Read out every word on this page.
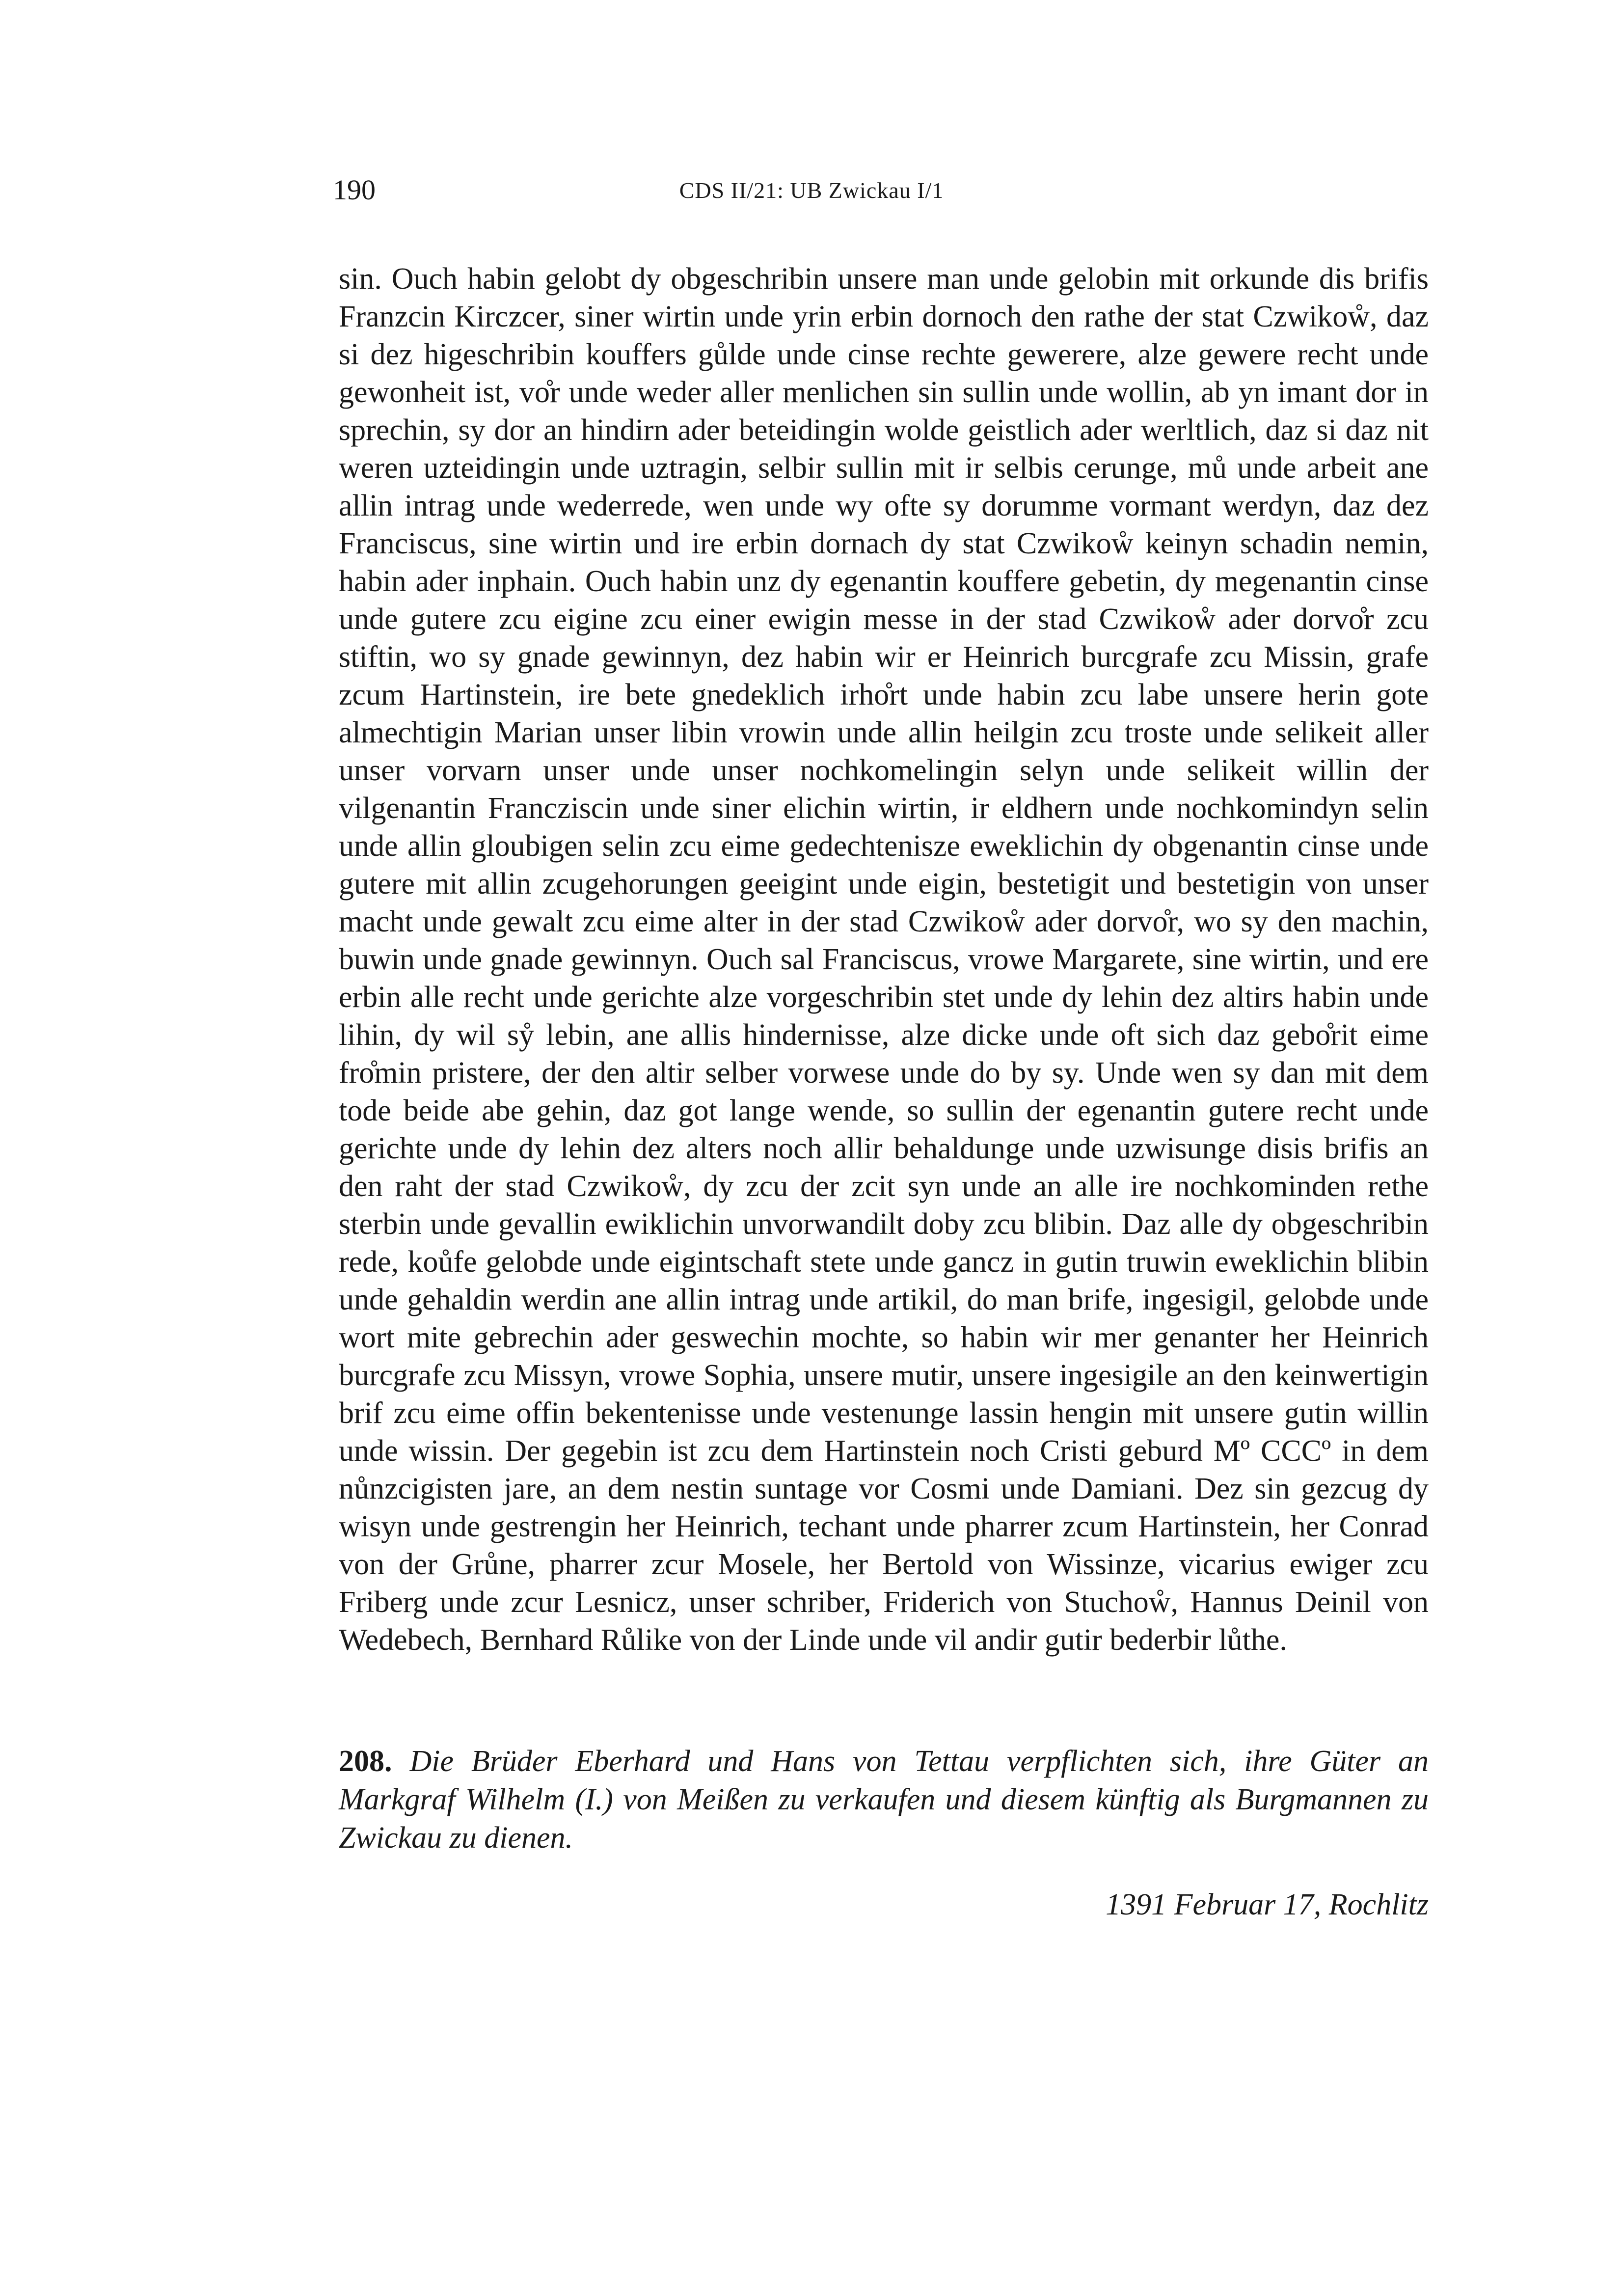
190	CDS II/21: UB Zwickau I/1

sin. Ouch habin gelobt dy obgeschribin unsere man unde gelobin mit orkunde dis brifis Franzcin Kirczcer, siner wirtin unde yrin erbin dornoch den rathe der stat Czwikoẘ, daz si dez higeschribin kouffers gůlde unde cinse rechte gewerere, alze gewere recht unde gewonheit ist, vo̊r unde weder aller menlichen sin sullin unde wollin, ab yn imant dor in sprechin, sy dor an hindirn ader beteidingin wolde geistlich ader werltlich, daz si daz nit weren uzteidingin unde uztragin, selbir sullin mit ir selbis cerunge, mů unde arbeit ane allin intrag unde wederrede, wen unde wy ofte sy dorumme vormant werdyn, daz dez Franciscus, sine wirtin und ire erbin dornach dy stat Czwikoẘ keinyn schadin nemin, habin ader inphain. Ouch habin unz dy egenantin kouffere gebetin, dy megenantin cinse unde gutere zcu eigine zcu einer ewigin messe in der stad Czwikoẘ ader dorvo̊r zcu stiftin, wo sy gnade gewinnyn, dez habin wir er Heinrich burcgrafe zcu Missin, grafe zcum Hartinstein, ire bete gnedeklich irho̊rt unde habin zcu labe unsere herin gote almechtigin Marian unser libin vrowin unde allin heilgin zcu troste unde selikeit aller unser vorvarn unser unde unser nochkomelingin selyn unde selikeit willin der vilgenantin Francziscin unde siner elichin wirtin, ir eldhern unde nochkomindyn selin unde allin gloubigen selin zcu eime gedechtenisze eweklichin dy obgenantin cinse unde gutere mit allin zcugehorungen geeigint unde eigin, bestetigit und bestetigin von unser macht unde gewalt zcu eime alter in der stad Czwikoẘ ader dorvo̊r, wo sy den machin, buwin unde gnade gewinnyn. Ouch sal Franciscus, vrowe Margarete, sine wirtin, und ere erbin alle recht unde gerichte alze vorgeschribin stet unde dy lehin dez altirs habin unde lihin, dy wil sẙ lebin, ane allis hindernisse, alze dicke unde oft sich daz gebo̊rit eime fro̊min pristere, der den altir selber vorwese unde do by sy. Unde wen sy dan mit dem tode beide abe gehin, daz got lange wende, so sullin der egenantin gutere recht unde gerichte unde dy lehin dez alters noch allir behaldunge unde uzwisunge disis brifis an den raht der stad Czwikoẘ, dy zcu der zcit syn unde an alle ire nochkominden rethe sterbin unde gevallin ewiklichin unvorwandilt doby zcu blibin. Daz alle dy obgeschribin rede, koůfe gelobde unde eigintschaft stete unde gancz in gutin truwin eweklichin blibin unde gehaldin werdin ane allin intrag unde artikil, do man brife, ingesigil, gelobde unde wort mite gebrechin ader geswechin mochte, so habin wir mer genanter her Heinrich burcgrafe zcu Missyn, vrowe Sophia, unsere mutir, unsere ingesigile an den keinwertigin brif zcu eime offin bekentenisse unde vestenunge lassin hengin mit unsere gutin willin unde wissin. Der gegebin ist zcu dem Hartinstein noch Cristi geburd Mº CCCº in dem nůnzcigisten jare, an dem nestin suntage vor Cosmi unde Damiani. Dez sin gezcug dy wisyn unde gestrengin her Heinrich, techant unde pharrer zcum Hartinstein, her Conrad von der Grůne, pharrer zcur Mosele, her Bertold von Wissinze, vicarius ewiger zcu Friberg unde zcur Lesnicz, unser schriber, Friderich von Stuchoẘ, Hannus Deinil von Wedebech, Bernhard Růlike von der Linde unde vil andir gutir bederbir lůthe.

208. Die Brüder Eberhard und Hans von Tettau verpflichten sich, ihre Güter an Markgraf Wilhelm (I.) von Meißen zu verkaufen und diesem künftig als Burgmannen zu Zwickau zu dienen.

1391 Februar 17, Rochlitz
